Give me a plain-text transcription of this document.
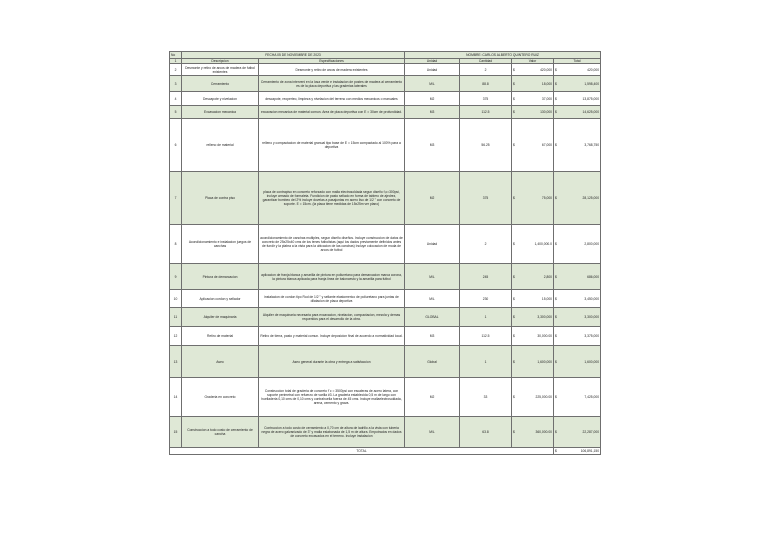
No	FECHA 05 DE NOVIEMBRE DE 2023		NOMBRE: CARLOS ALBERTO QUINTERO RUIZ			
1	Descripcion	Especificaciones	Unidad	Cantidad	Valor	Total
2	Desmonte y retiro de arcos de madera de futbol existentes	Desmonte y retiro de arcos de madera existentes	Unidad	2	$ 420,000	$ 420,000

3	Cerramiento	Cerramiento de zona interveni en la losa verde e instalacion de postes de madera al cerramiento es de la placa deportiva y las graderias laterales	M/L	88.8	$ 18,000	$ 1,598,400

4	Descapote y nivelacion	descapote, reoperteo, limpieza y nivelacion del terreno con medios mecanicos o manuales	M2	375	$ 37,000	$ 13,875,000

5	Excavacion mecanica	excavacion mecanica de material comun. Area de placa deportiva con E = 30cm de profundidad.	M3	112.5	$ 130,000	$ 14,625,000

6	relleno de material	relleno y compactacion de material granual tipo base de E = 15cm compactado al 100% para a deportiva	M3	56.25	$ 67,000	$ 3,768,750

7	Placa de contra piso	placa de contrapiso en concreto reforzado con malla electrosoldada segun diseño f,c=300psi, incluye armado de formaleta. Fundicion de pasto sellado en forma de tablero de ajedrez, garantizar bombeo del 2% incluye dovelas a pasajuntas en acero liso de 1/2 " con concreto de soporte. E = 15cm. (la placa tiene medidas de 15x25m ver plano)	M2	375	$ 75,000	$ 28,125,000

8	Acondicionamiento e instalacion juegos de canchas	acondicionamiento de canchas multiples, segun diseño diseños. Incluye construccion de datos de concreto de 25x25x40 cms de los tenes futbolistas (aqui los dados previamente definidos antes de fundir y la plabra a la vista para la ubicacion de las canchas) Incluye colocacion de moda de arcos de futbol	Unidad	2	$ 1,400,000.0	$ 2,800,000

9	Pintura de demarcacion	aplicacion de franja blanca y amarilla de pintura en poliuretano para demarcacion marca corona, la pintura blanca aplicada para franja linea de baloncesto y la amarilla para futbol	M/L	245	$ 2,800	$ 686,000

10	Aplicacion cordon y sellador	instalacion de cordon tipo Rod de 1/2 " y sellante elastomerico de poliuretano para juntas de dilatacion de placa deportiva	M/L	230	$ 15,000	$ 3,450,000

11	Alquiler de maquinaria	Alquiler de maquinaria necesaria para excavacion, nivelacion, compactacion, mezcla y demas requeridos para el desarrollo de la obra.	GLOBAL	1	$ 3,300,000	$ 3,300,000

12	Retiro de material	Retiro de tierra, pasto y material comun. Incluye deposicion final de acuerdo a normatividad local.	M3	112.5	$ 30,000.00	$ 3,375,000

13	Aseo	Aseo general durante la obra y entrega a satisfaccion	Global	1	$ 1,600,000	$ 1,600,000

14	Graderia en concreto	Construccion total de graderia de concreto f´c = 3500psi con escaleras de acero latera, con soporte perimetral con refuerzo de varilla #3. La graderia establecida 0,5 m de largo con huelladeria 0,10 cms de 0,10 cms y contrahuella fuerza de 45 cms. Incluye mallaelectrosoldada, arena, cemento y grava.	M2	33	$ 225,000.00	$ 7,425,000

15	Construccion a todo costo de cerramiento de cancha	Contruccion a todo costo de cerramiento a 0,70 cm de altura de ladrillo a la vista con tuberia negra de acero galvanizado de 3" y malla eslabonada de 1,5 m de altura. Empotrados en dados de concreto excavados en el terreno. Incluye instalacion	M/L	63.8	$ 360,000.00	$ 22,287,000

TOTAL						$ 106,891,150
